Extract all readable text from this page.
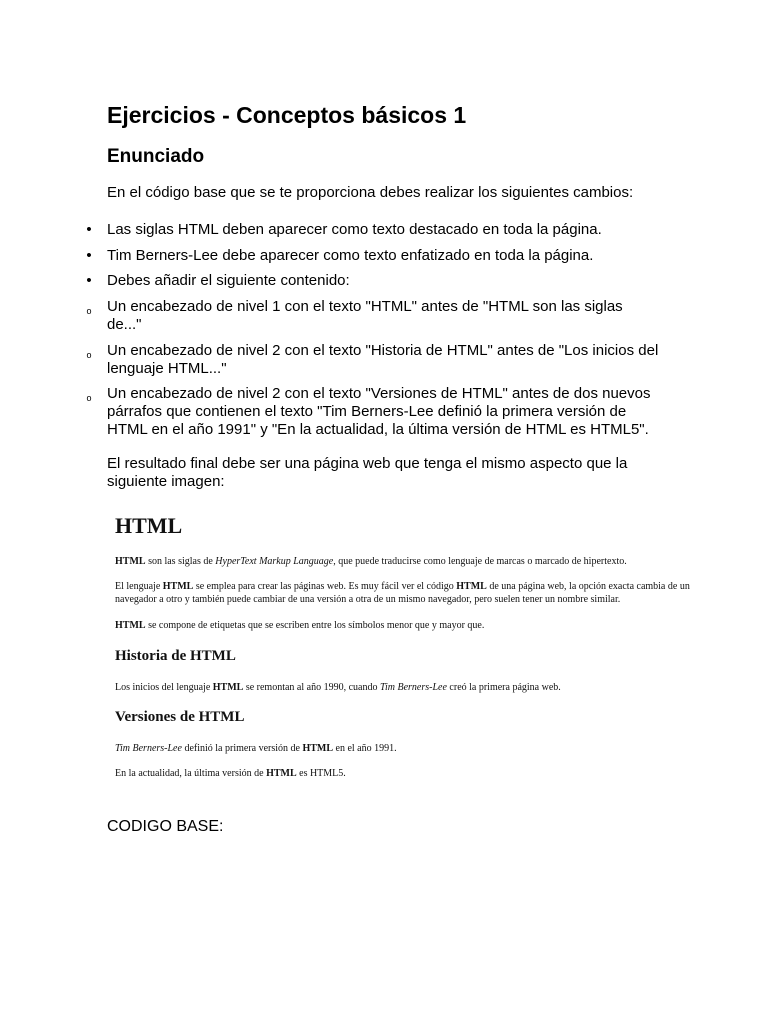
Ejercicios - Conceptos básicos 1
Enunciado

En el código base que se te proporciona debes realizar los siguientes cambios:

• Las siglas HTML deben aparecer como texto destacado en toda la página.
• Tim Berners-Lee debe aparecer como texto enfatizado en toda la página.
• Debes añadir el siguiente contenido:
o Un encabezado de nivel 1 con el texto "HTML" antes de "HTML son las siglas de..."
o Un encabezado de nivel 2 con el texto "Historia de HTML" antes de "Los inicios del lenguaje HTML..."
o Un encabezado de nivel 2 con el texto "Versiones de HTML" antes de dos nuevos párrafos que contienen el texto "Tim Berners-Lee definió la primera versión de HTML en el año 1991" y "En la actualidad, la última versión de HTML es HTML5".

El resultado final debe ser una página web que tenga el mismo aspecto que la siguiente imagen:

HTML
HTML son las siglas de HyperText Markup Language, que puede traducirse como lenguaje de marcas o marcado de hipertexto.
El lenguaje HTML se emplea para crear las páginas web. Es muy fácil ver el código HTML de una página web, la opción exacta cambia de un navegador a otro y también puede cambiar de una versión a otra de un mismo navegador, pero suelen tener un nombre similar.
HTML se compone de etiquetas que se escriben entre los símbolos menor que y mayor que.
Historia de HTML
Los inicios del lenguaje HTML se remontan al año 1990, cuando Tim Berners-Lee creó la primera página web.
Versiones de HTML
Tim Berners-Lee definió la primera versión de HTML en el año 1991.
En la actualidad, la última versión de HTML es HTML5.

CODIGO BASE:
